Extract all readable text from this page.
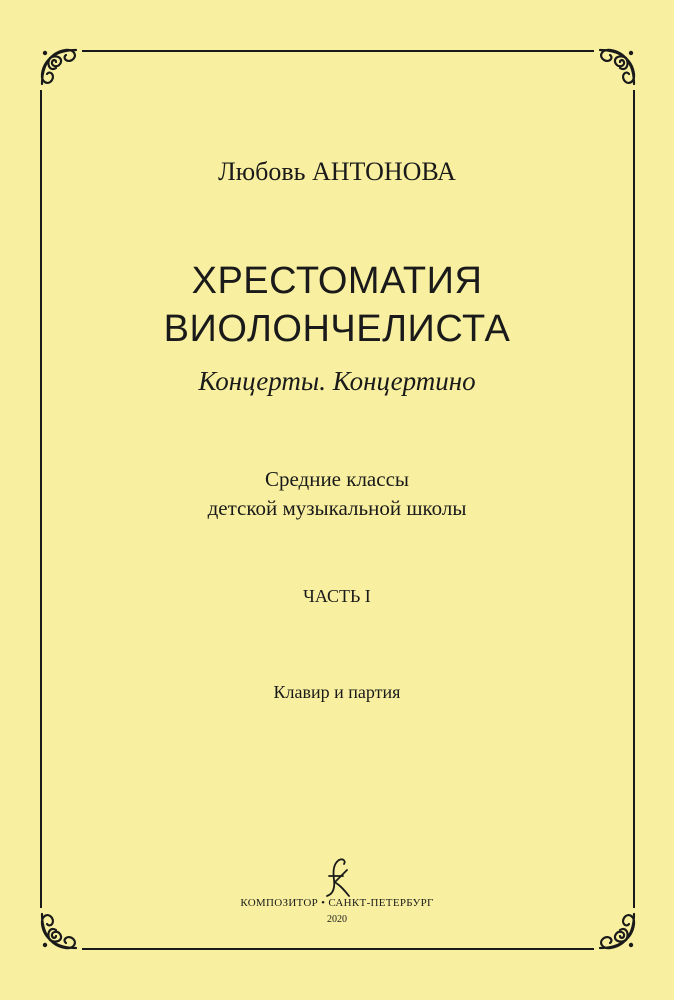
Любовь АНТОНОВА
ХРЕСТОМАТИЯ
ВИОЛОНЧЕЛИСТА
Концерты. Концертино
Средние классы
детской музыкальной школы
ЧАСТЬ I
Клавир и партия
КОМПОЗИТОР • САНКТ-ПЕТЕРБУРГ
2020
